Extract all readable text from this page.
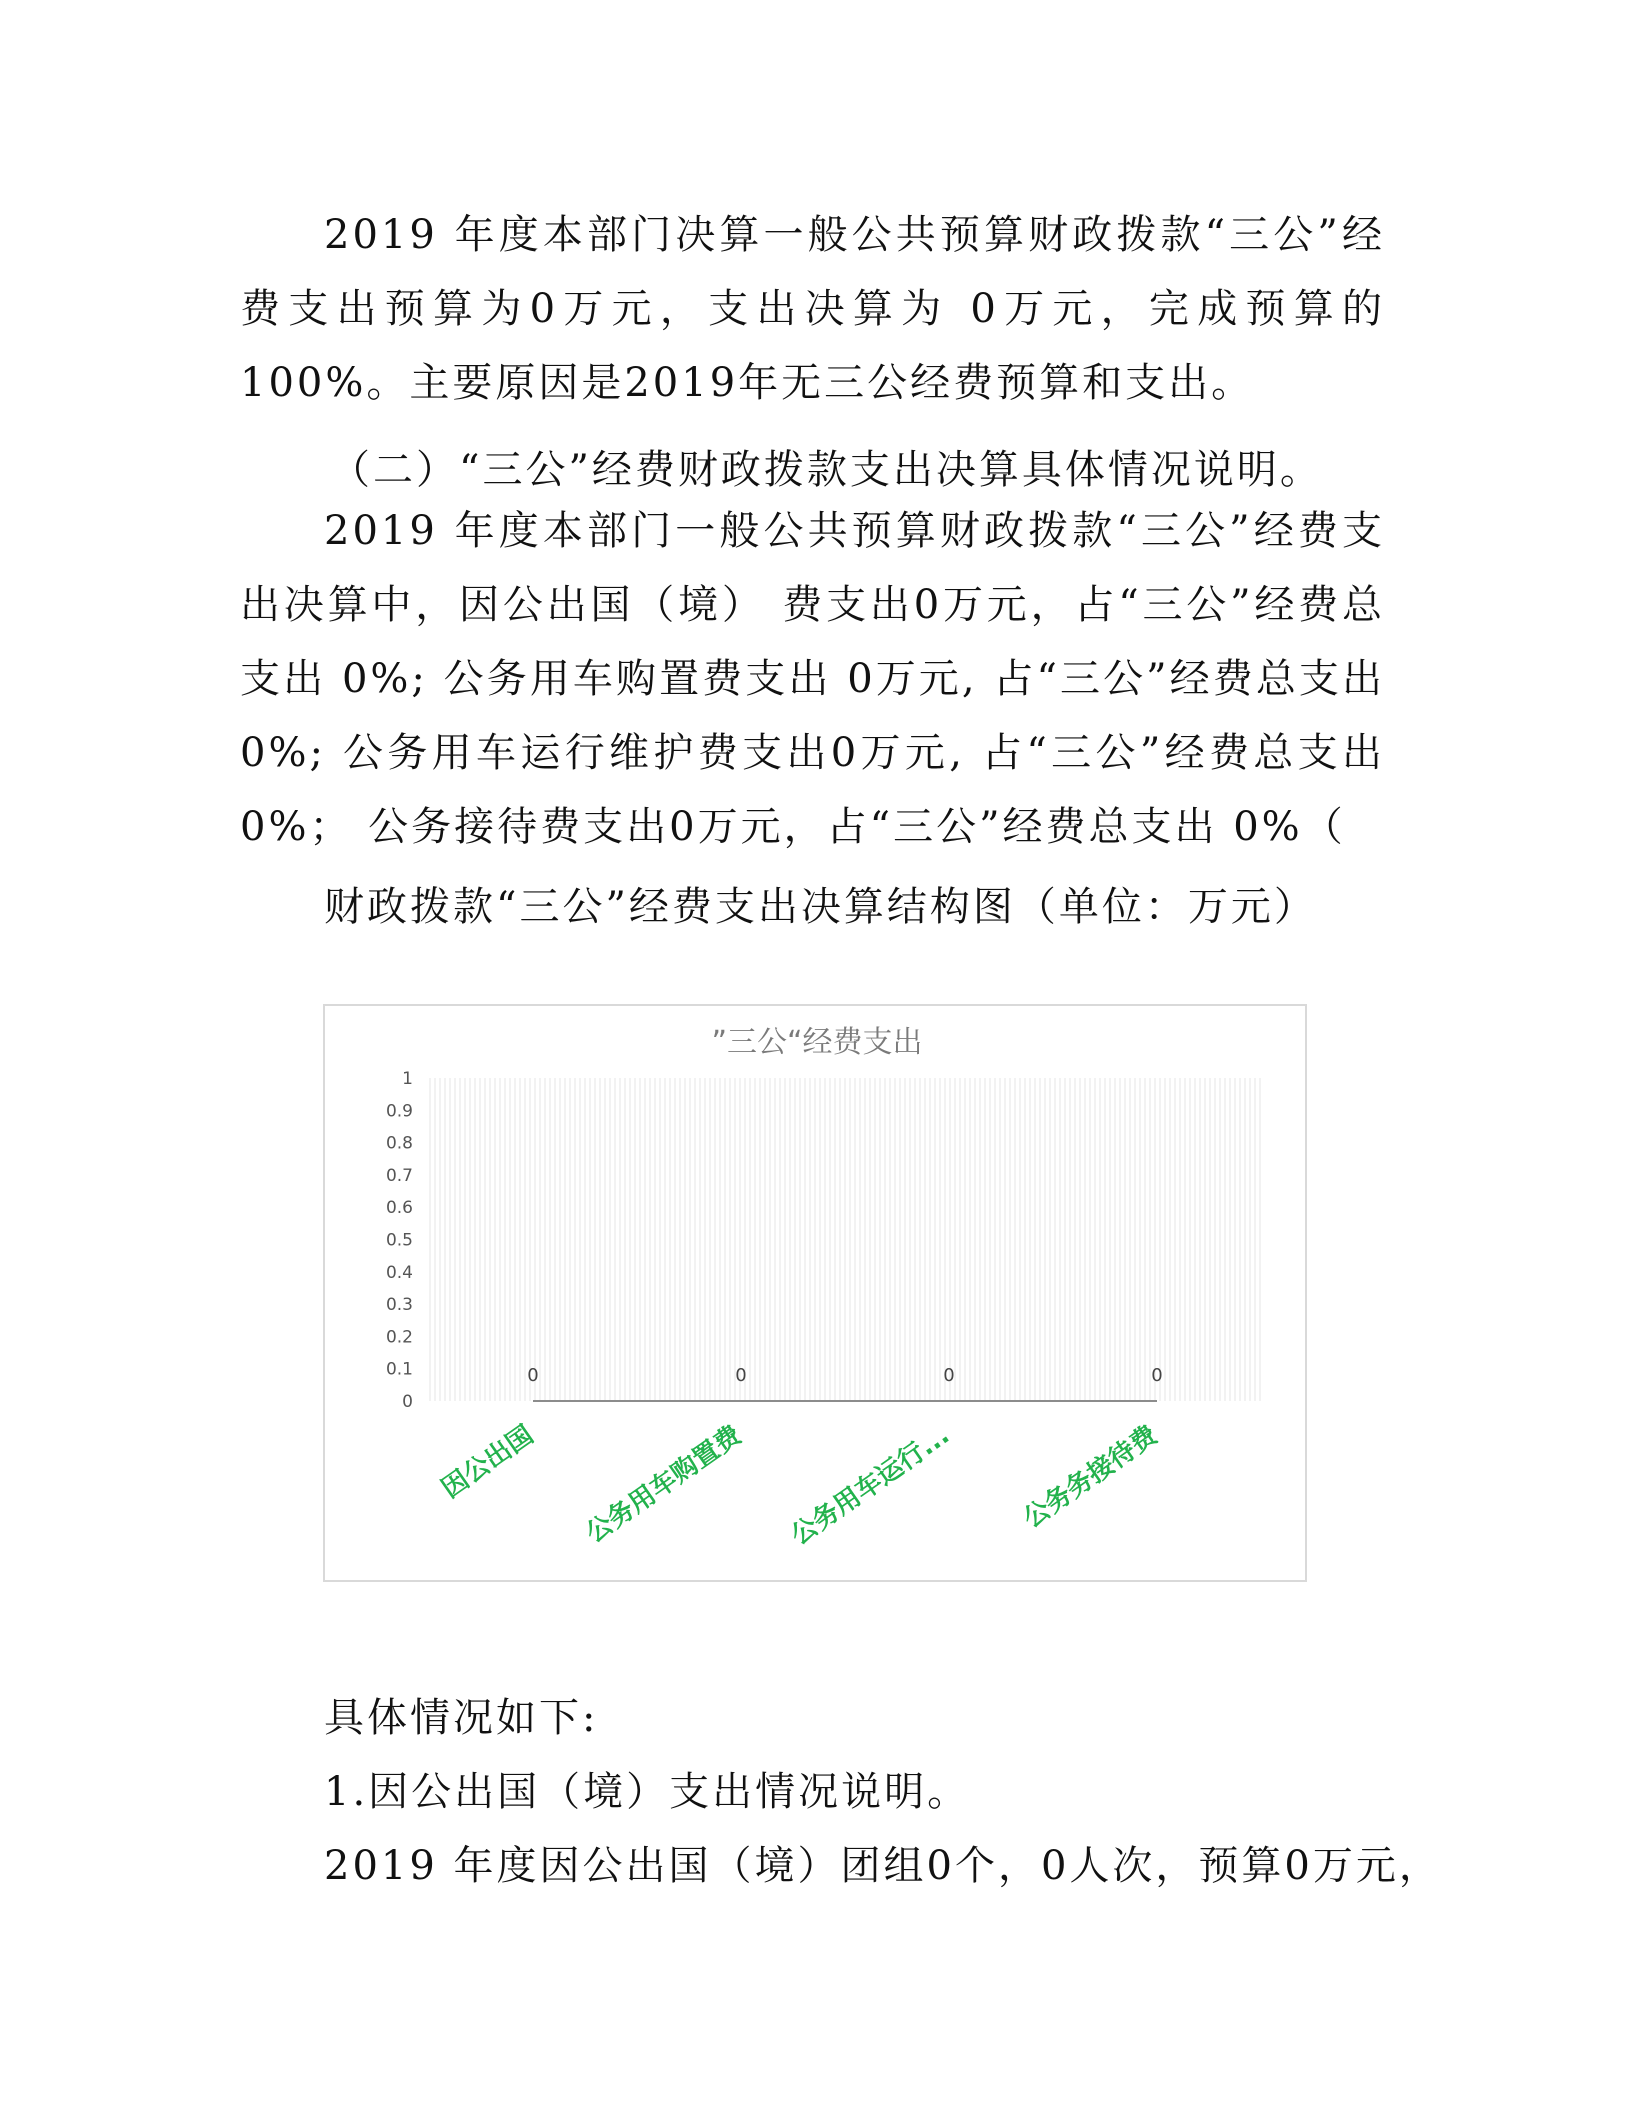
2019 年度本部门决算一般公共预算财政拨款“三公”经费支出预算为0万元，支出决算为 0万元，完成预算的100%。主要原因是2019年无三公经费预算和支出。

（二）“三公”经费财政拨款支出决算具体情况说明。

2019 年度本部门一般公共预算财政拨款“三公”经费支出决算中，因公出国（境） 费支出0万元，占“三公”经费总支出 0%; 公务用车购置费支出 0万元, 占“三公”经费总支出 0%; 公务用车运行维护费支出0万元, 占“三公”经费总支出 0%； 公务接待费支出0万元，占“三公”经费总支出 0%（

财政拨款“三公”经费支出决算结构图（单位：万元）

”三公“经费支出
0
0.1
0.2
0.3
0.4
0.5
0.6
0.7
0.8
0.9
1
0	0	0	0
因公出国 公务用车购置费 公务用车运行... 公务务接待费

具体情况如下:

1.因公出国（境）支出情况说明。

2019 年度因公出国（境）团组0个，0人次，预算0万元，
